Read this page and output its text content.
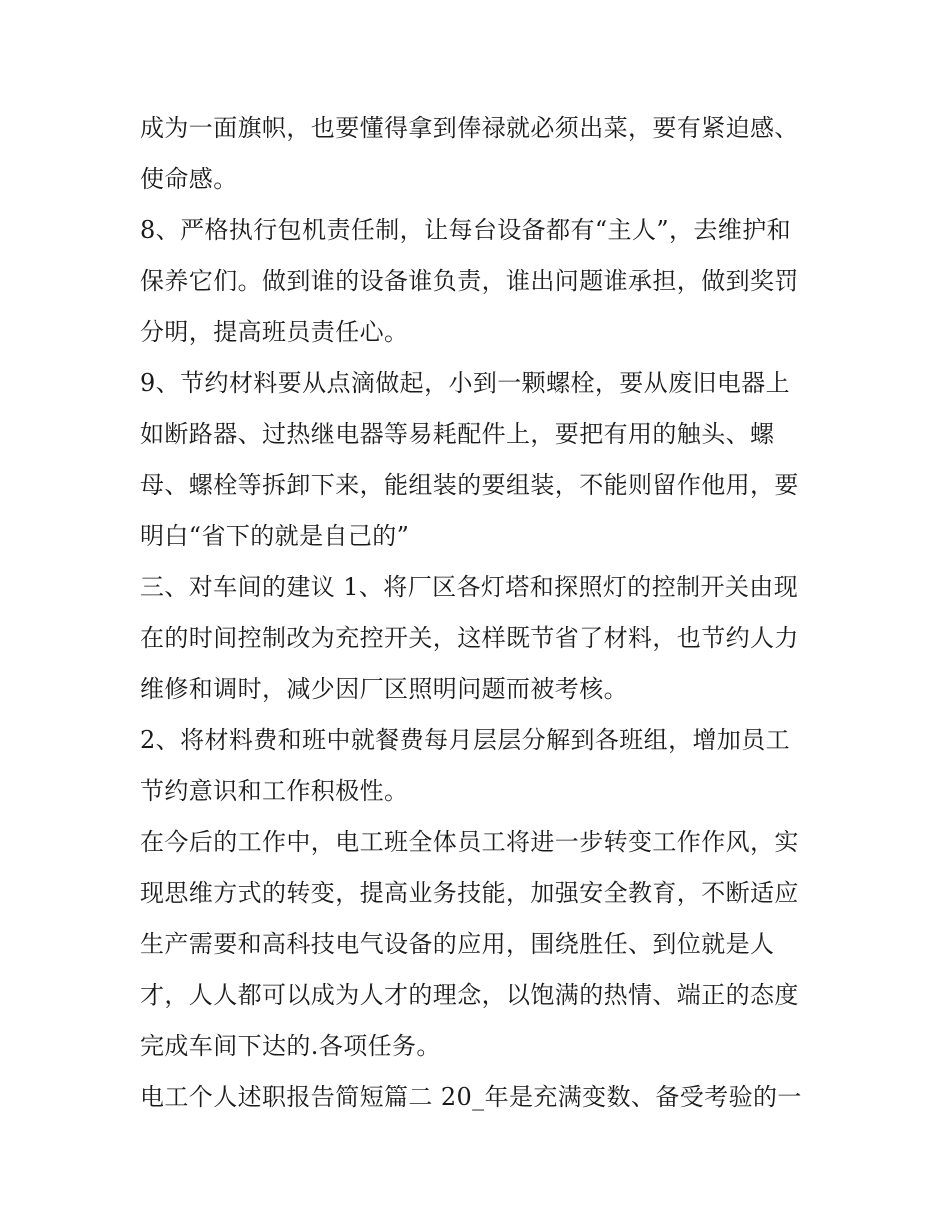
成为一面旗帜，也要懂得拿到俸禄就必须出菜，要有紧迫感、
使命感。
8、严格执行包机责任制，让每台设备都有“主人”，去维护和
保养它们。做到谁的设备谁负责，谁出问题谁承担，做到奖罚
分明，提高班员责任心。
9、节约材料要从点滴做起，小到一颗螺栓，要从废旧电器上
如断路器、过热继电器等易耗配件上，要把有用的触头、螺
母、螺栓等拆卸下来，能组装的要组装，不能则留作他用，要
明白“省下的就是自己的”
三、对车间的建议 1、将厂区各灯塔和探照灯的控制开关由现
在的时间控制改为充控开关，这样既节省了材料，也节约人力
维修和调时，减少因厂区照明问题而被考核。
2、将材料费和班中就餐费每月层层分解到各班组，增加员工
节约意识和工作积极性。
在今后的工作中，电工班全体员工将进一步转变工作作风，实
现思维方式的转变，提高业务技能，加强安全教育，不断适应
生产需要和高科技电气设备的应用，围绕胜任、到位就是人
才，人人都可以成为人才的理念，以饱满的热情、端正的态度
完成车间下达的.各项任务。
电工个人述职报告简短篇二 20_年是充满变数、备受考验的一
